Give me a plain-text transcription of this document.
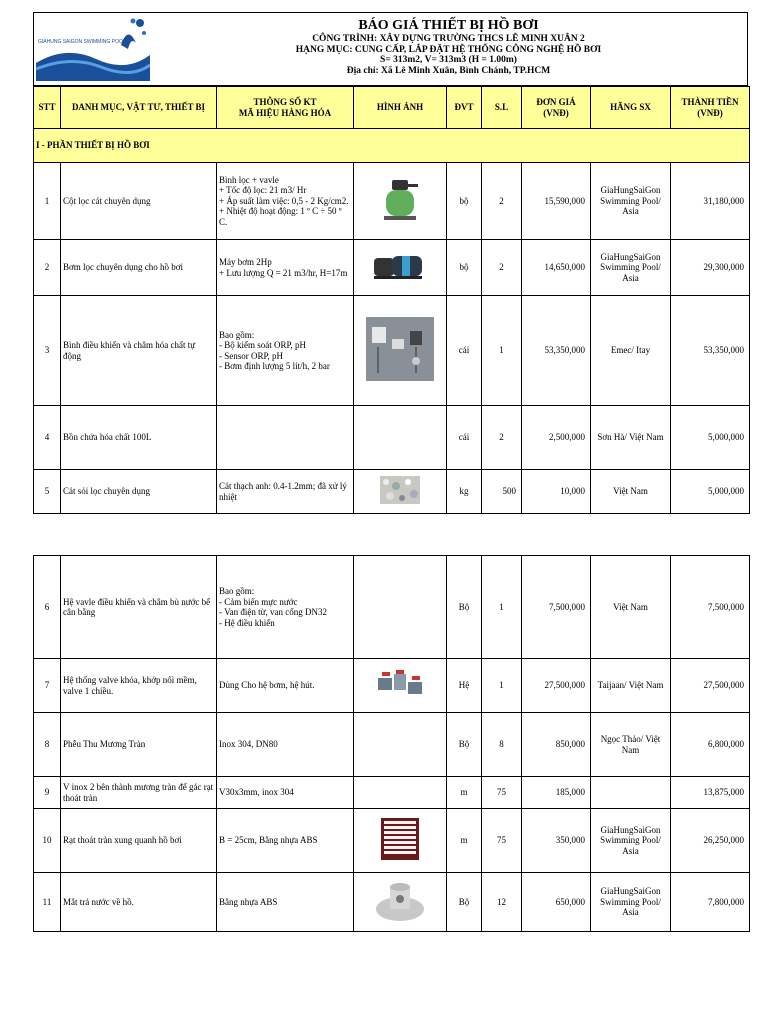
GIAHUNG SAIGON SWIMMING POOL
BÁO GIÁ THIẾT BỊ HỒ BƠI
CÔNG TRÌNH: XÂY DỰNG TRƯỜNG THCS LÊ MINH XUÂN 2
HẠNG MỤC: CUNG CẤP, LẮP ĐẶT HỆ THỐNG CÔNG NGHỆ HỒ BƠI
S= 313m2, V= 313m3 (H = 1.00m)
Địa chỉ: Xã Lê Minh Xuân, Bình Chánh, TP.HCM
STT	DANH MỤC, VẬT TƯ, THIẾT BỊ	THÔNG SỐ KT
MÃ HIỆU HÀNG HÓA	HÌNH ẢNH	ĐVT	S.L	ĐƠN GIÁ
(VNĐ)	HÃNG SX	THÀNH TIỀN
(VNĐ)
I - PHẦN THIẾT BỊ HỒ BƠI								
1	Cột lọc cát chuyên dụng	Bình lọc + vavle
+ Tốc độ lọc: 21 m3/ Hr
+ Áp suất làm việc: 0,5 - 2 Kg/cm2.
+ Nhiệt độ hoạt động: 1 º C ÷ 50 º C.		bộ	2	15,590,000	GiaHungSaiGon Swimming Pool/ Asia	31,180,000
2	Bơm lọc chuyên dụng cho hồ bơi	Máy bơm 2Hp
+ Lưu lượng Q = 21 m3/hr, H=17m		bộ	2	14,650,000	GiaHungSaiGon Swimming Pool/ Asia	29,300,000
3	Bình điều khiển và châm hóa chất tự động	Bao gồm:
- Bộ kiểm soát ORP, pH
- Sensor ORP, pH
- Bơm định lượng 5 lít/h, 2 bar		cái	1	53,350,000	Emec/ Itay	53,350,000
4	Bồn chứa hóa chất 100L			cái	2	2,500,000	Sơn Hà/ Việt Nam	5,000,000
5	Cát sỏi lọc chuyên dụng	Cát thạch anh: 0.4-1.2mm; đã xử lý nhiệt		kg	500	10,000	Việt Nam	5,000,000
6	Hệ vavle điều khiển và châm bù nước bể cân bằng	Bao gồm:
- Cảm biến mực nước
- Van điện từ, van cổng DN32
- Hệ điều khiển		Bộ	1	7,500,000	Việt Nam	7,500,000
7	Hệ thống valve khóa, khớp nối mềm, valve 1 chiều.	Dùng Cho hệ bơm, hệ hút.		Hệ	1	27,500,000	Taijaan/ Việt Nam	27,500,000
8	Phễu Thu Mương Tràn	Inox 304, DN80		Bộ	8	850,000	Ngọc Thảo/ Việt Nam	6,800,000
9	V inox 2 bên thành mương tràn để gác rạt thoát tràn	V30x3mm, inox 304		m	75	185,000		13,875,000
10	Rạt thoát tràn xung quanh hồ bơi	B = 25cm, Bằng nhựa ABS		m	75	350,000	GiaHungSaiGon Swimming Pool/ Asia	26,250,000
11	Mắt trả nước về hồ.	Bằng nhựa ABS		Bộ	12	650,000	GiaHungSaiGon Swimming Pool/ Asia	7,800,000
